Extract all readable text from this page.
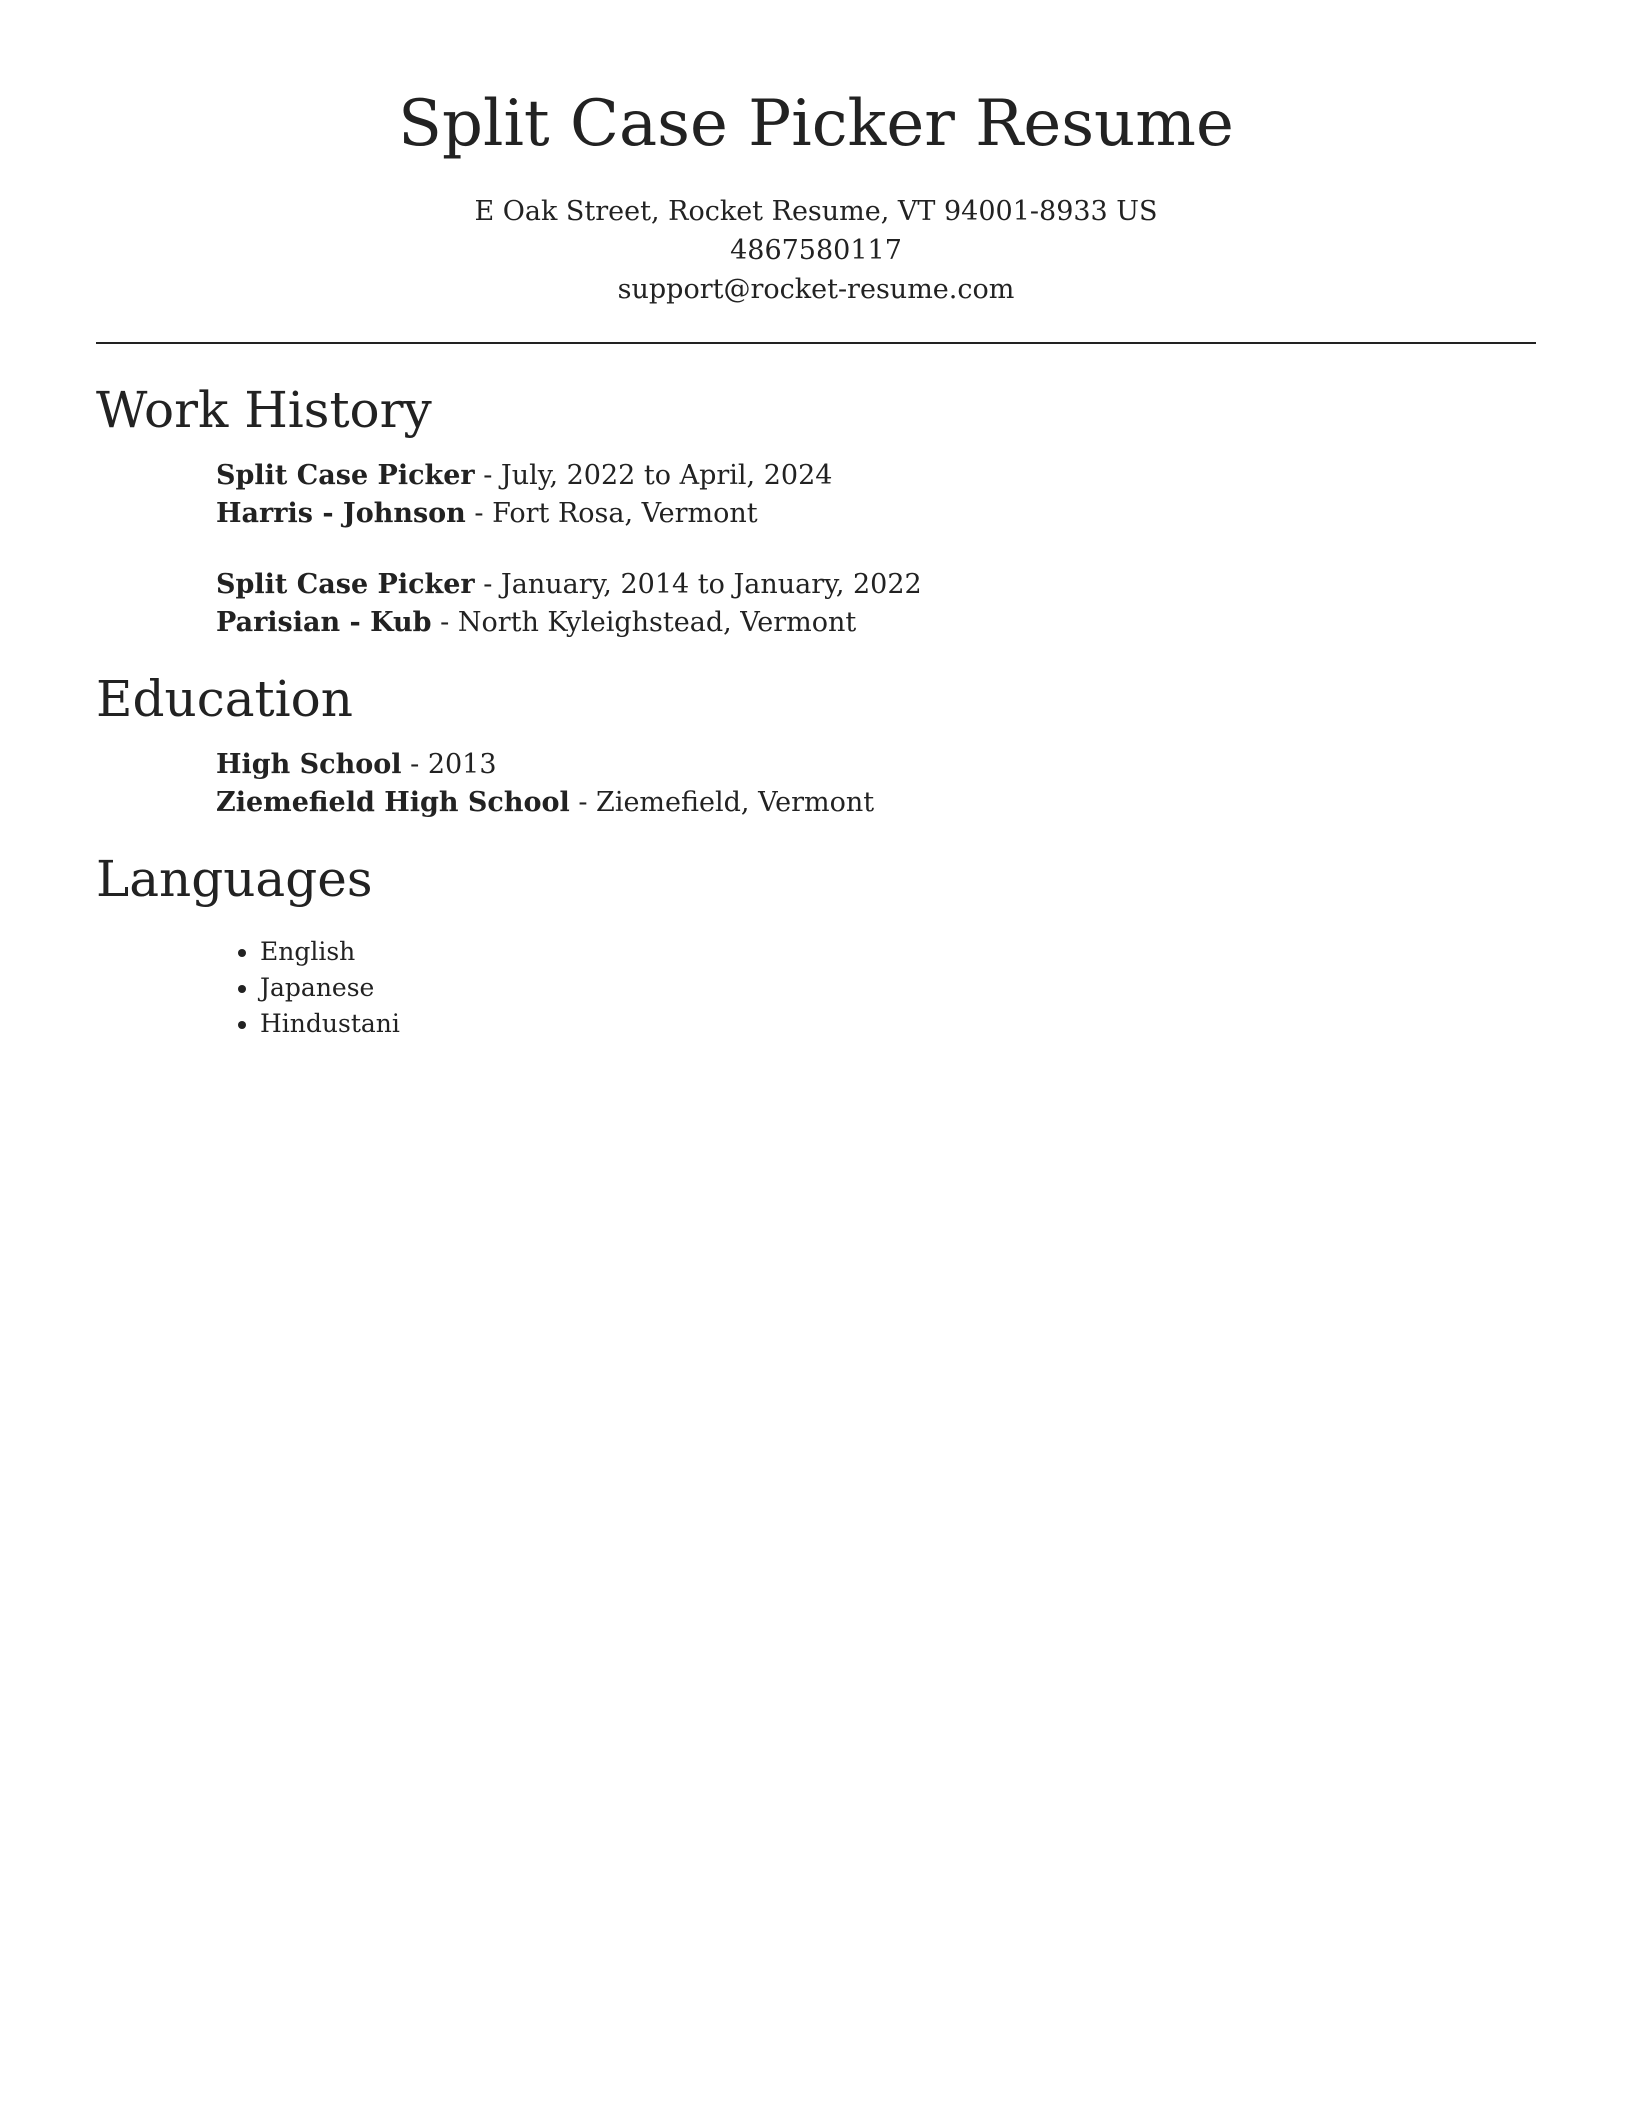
Split Case Picker Resume
E Oak Street, Rocket Resume, VT 94001-8933 US
4867580117
support@rocket-resume.com
Work History
Split Case Picker - July, 2022 to April, 2024
Harris - Johnson - Fort Rosa, Vermont
Split Case Picker - January, 2014 to January, 2022
Parisian - Kub - North Kyleighstead, Vermont
Education
High School - 2013
Ziemefield High School - Ziemefield, Vermont
Languages
• English
• Japanese
• Hindustani
